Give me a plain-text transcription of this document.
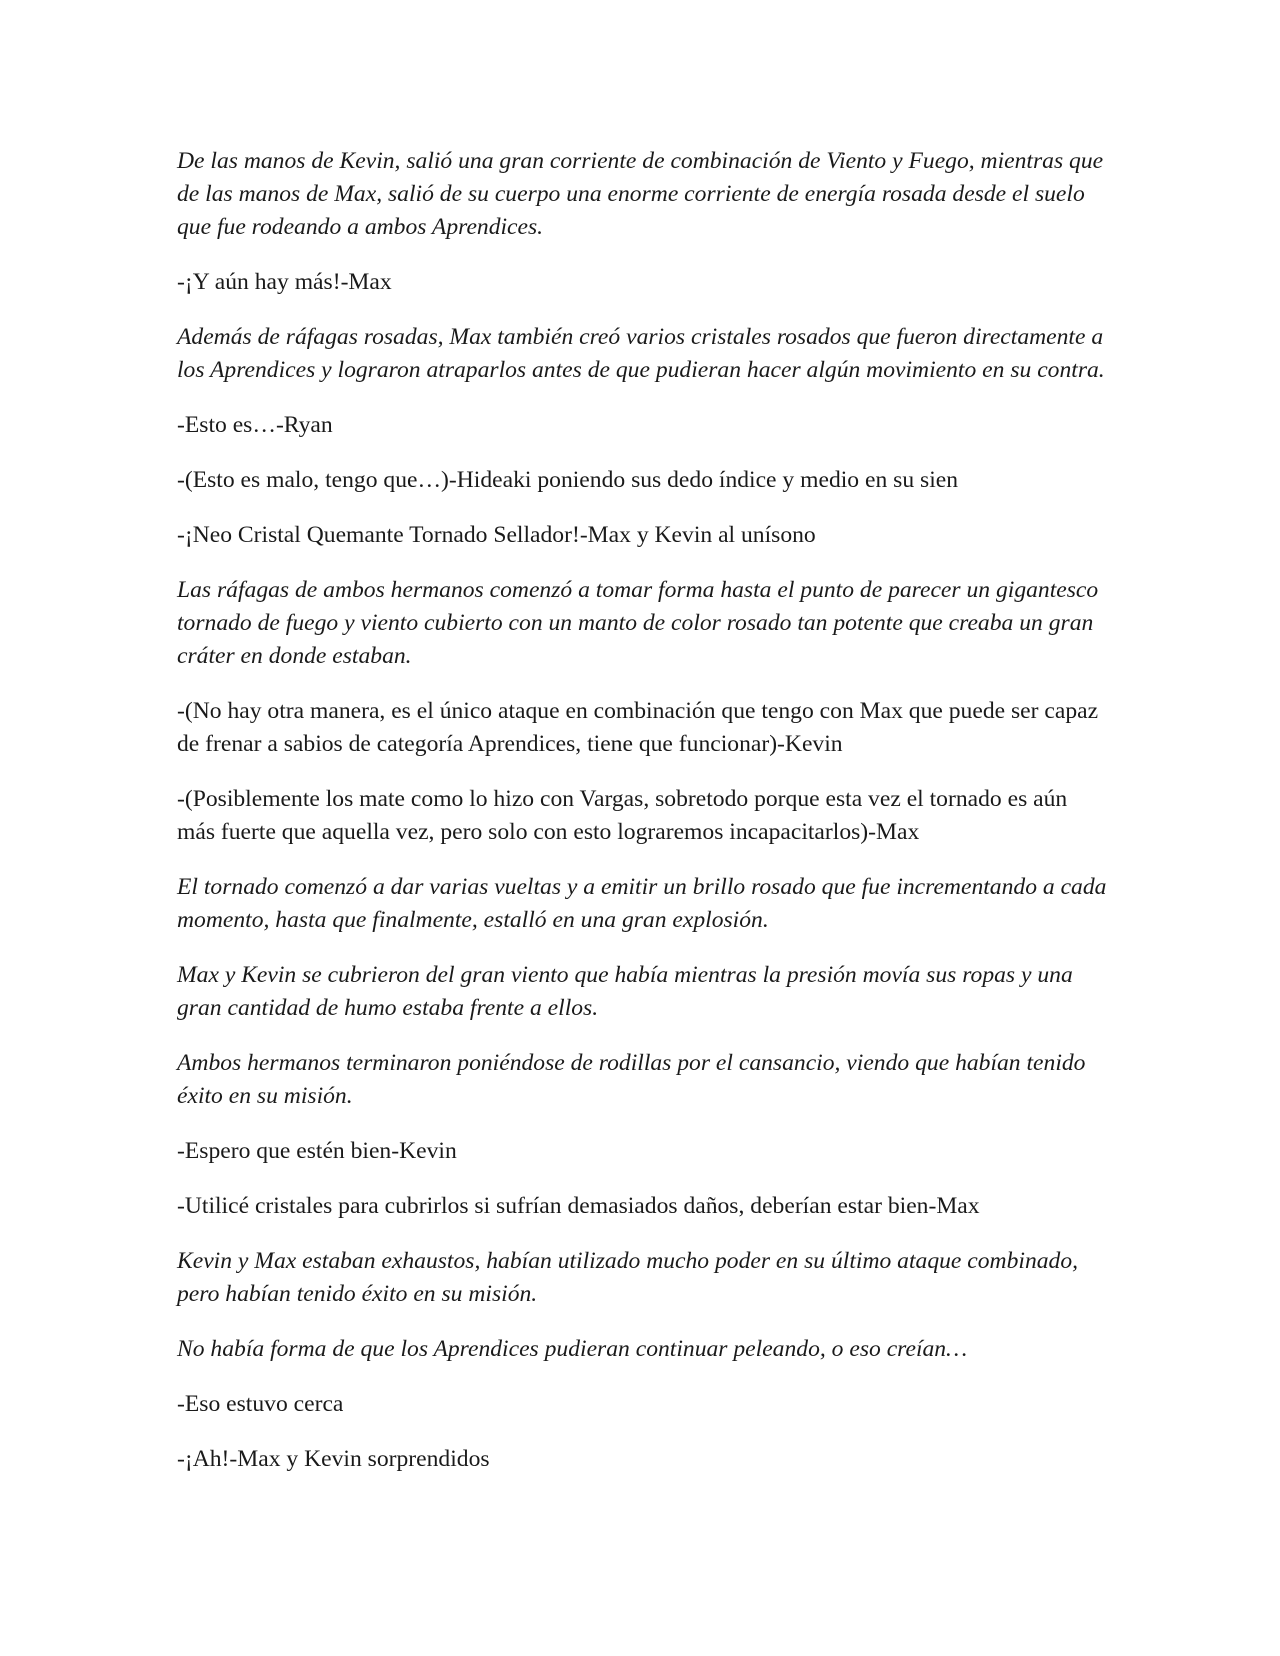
De las manos de Kevin, salió una gran corriente de combinación de Viento y Fuego, mientras que de las manos de Max, salió de su cuerpo una enorme corriente de energía rosada desde el suelo que fue rodeando a ambos Aprendices.

-¡Y aún hay más!-Max

Además de ráfagas rosadas, Max también creó varios cristales rosados que fueron directamente a los Aprendices y lograron atraparlos antes de que pudieran hacer algún movimiento en su contra.

-Esto es…-Ryan

-(Esto es malo, tengo que…)-Hideaki poniendo sus dedo índice y medio en su sien

-¡Neo Cristal Quemante Tornado Sellador!-Max y Kevin al unísono

Las ráfagas de ambos hermanos comenzó a tomar forma hasta el punto de parecer un gigantesco tornado de fuego y viento cubierto con un manto de color rosado tan potente que creaba un gran cráter en donde estaban.

-(No hay otra manera, es el único ataque en combinación que tengo con Max que puede ser capaz de frenar a sabios de categoría Aprendices, tiene que funcionar)-Kevin

-(Posiblemente los mate como lo hizo con Vargas, sobretodo porque esta vez el tornado es aún más fuerte que aquella vez, pero solo con esto lograremos incapacitarlos)-Max

El tornado comenzó a dar varias vueltas y a emitir un brillo rosado que fue incrementando a cada momento, hasta que finalmente, estalló en una gran explosión.

Max y Kevin se cubrieron del gran viento que había mientras la presión movía sus ropas y una gran cantidad de humo estaba frente a ellos.

Ambos hermanos terminaron poniéndose de rodillas por el cansancio, viendo que habían tenido éxito en su misión.

-Espero que estén bien-Kevin

-Utilicé cristales para cubrirlos si sufrían demasiados daños, deberían estar bien-Max

Kevin y Max estaban exhaustos, habían utilizado mucho poder en su último ataque combinado, pero habían tenido éxito en su misión.

No había forma de que los Aprendices pudieran continuar peleando, o eso creían…

-Eso estuvo cerca

-¡Ah!-Max y Kevin sorprendidos
